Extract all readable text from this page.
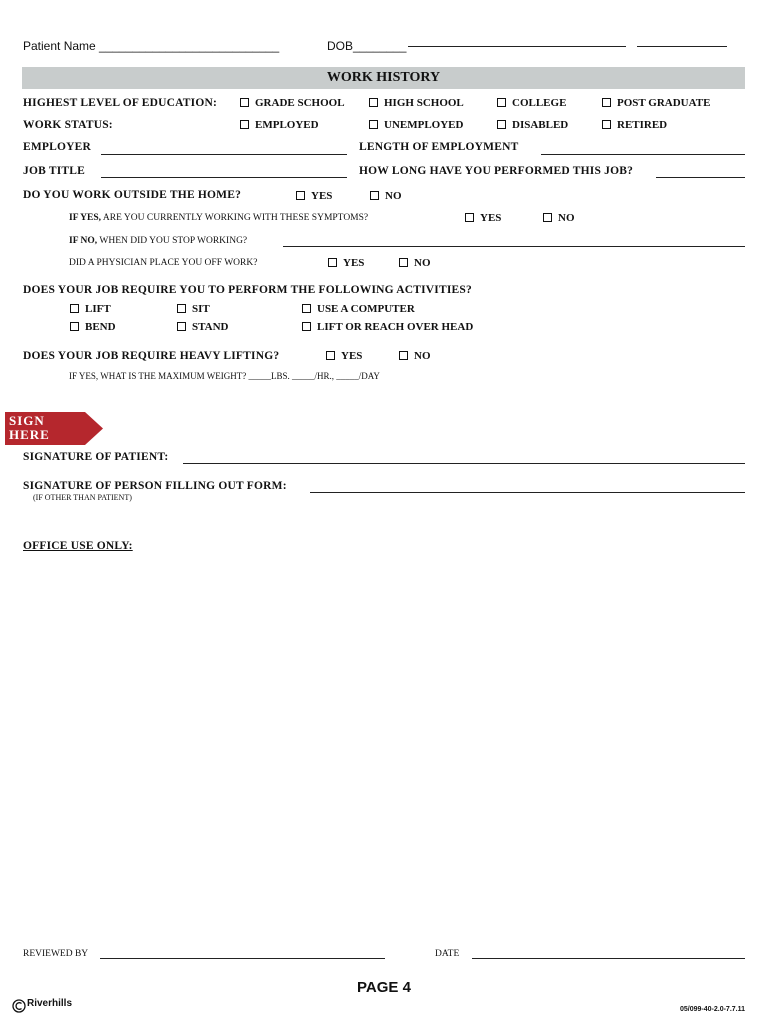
Patient Name ___________________________	DOB________
WORK HISTORY
HIGHEST LEVEL OF EDUCATION:	GRADE SCHOOL	HIGH SCHOOL	COLLEGE	POST GRADUATE
WORK STATUS:	EMPLOYED	UNEMPLOYED	DISABLED	RETIRED
EMPLOYER	LENGTH OF EMPLOYMENT
JOB TITLE	HOW LONG HAVE YOU PERFORMED THIS JOB?
DO YOU WORK OUTSIDE THE HOME?	YES	NO
IF YES, ARE YOU CURRENTLY WORKING WITH THESE SYMPTOMS?	YES	NO
IF NO, WHEN DID YOU STOP WORKING?
DID A PHYSICIAN PLACE YOU OFF WORK?	YES	NO
DOES YOUR JOB REQUIRE YOU TO PERFORM THE FOLLOWING ACTIVITIES?
LIFT	SIT	USE A COMPUTER
BEND	STAND	LIFT OR REACH OVER HEAD
DOES YOUR JOB REQUIRE HEAVY LIFTING?	YES	NO
IF YES, WHAT IS THE MAXIMUM WEIGHT? _____LBS. _____/HR., _____/DAY
SIGN
HERE
SIGNATURE OF PATIENT:
SIGNATURE OF PERSON FILLING OUT FORM:
(IF OTHER THAN PATIENT)
OFFICE USE ONLY:
REVIEWED BY	DATE
PAGE 4
Riverhills
05/099-40-2.0-7.7.11
